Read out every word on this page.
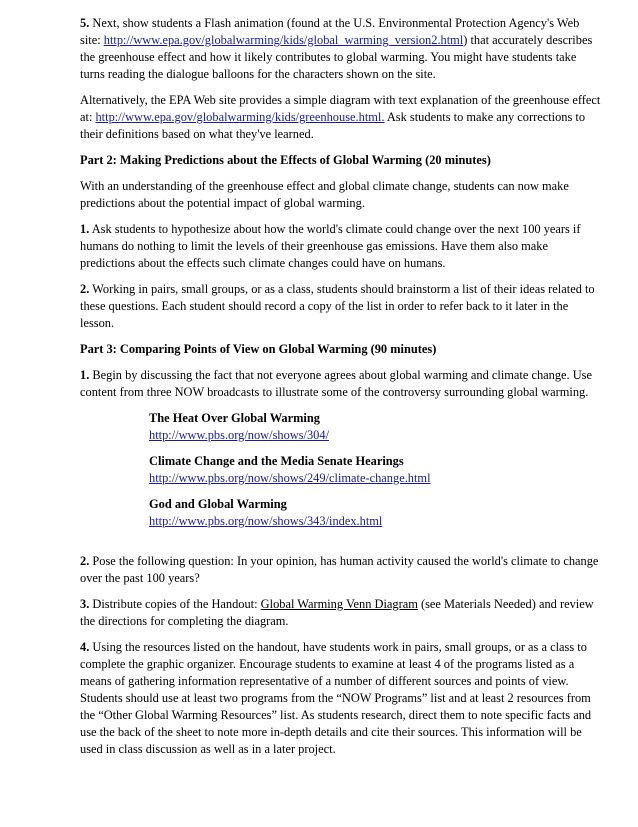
5. Next, show students a Flash animation (found at the U.S. Environmental Protection Agency's Web site: http://www.epa.gov/globalwarming/kids/global_warming_version2.html) that accurately describes the greenhouse effect and how it likely contributes to global warming. You might have students take turns reading the dialogue balloons for the characters shown on the site.

Alternatively, the EPA Web site provides a simple diagram with text explanation of the greenhouse effect at: http://www.epa.gov/globalwarming/kids/greenhouse.html. Ask students to make any corrections to their definitions based on what they've learned.

Part 2: Making Predictions about the Effects of Global Warming (20 minutes)

With an understanding of the greenhouse effect and global climate change, students can now make predictions about the potential impact of global warming.

1. Ask students to hypothesize about how the world's climate could change over the next 100 years if humans do nothing to limit the levels of their greenhouse gas emissions. Have them also make predictions about the effects such climate changes could have on humans.

2. Working in pairs, small groups, or as a class, students should brainstorm a list of their ideas related to these questions. Each student should record a copy of the list in order to refer back to it later in the lesson.

Part 3: Comparing Points of View on Global Warming (90 minutes)

1. Begin by discussing the fact that not everyone agrees about global warming and climate change. Use content from three NOW broadcasts to illustrate some of the controversy surrounding global warming.

The Heat Over Global Warming
http://www.pbs.org/now/shows/304/
Climate Change and the Media Senate Hearings
http://www.pbs.org/now/shows/249/climate-change.html
God and Global Warming
http://www.pbs.org/now/shows/343/index.html

2. Pose the following question: In your opinion, has human activity caused the world's climate to change over the past 100 years?

3. Distribute copies of the Handout: Global Warming Venn Diagram (see Materials Needed) and review the directions for completing the diagram.

4. Using the resources listed on the handout, have students work in pairs, small groups, or as a class to complete the graphic organizer. Encourage students to examine at least 4 of the programs listed as a means of gathering information representative of a number of different sources and points of view. Students should use at least two programs from the “NOW Programs” list and at least 2 resources from the “Other Global Warming Resources” list. As students research, direct them to note specific facts and use the back of the sheet to note more in-depth details and cite their sources. This information will be used in class discussion as well as in a later project.
